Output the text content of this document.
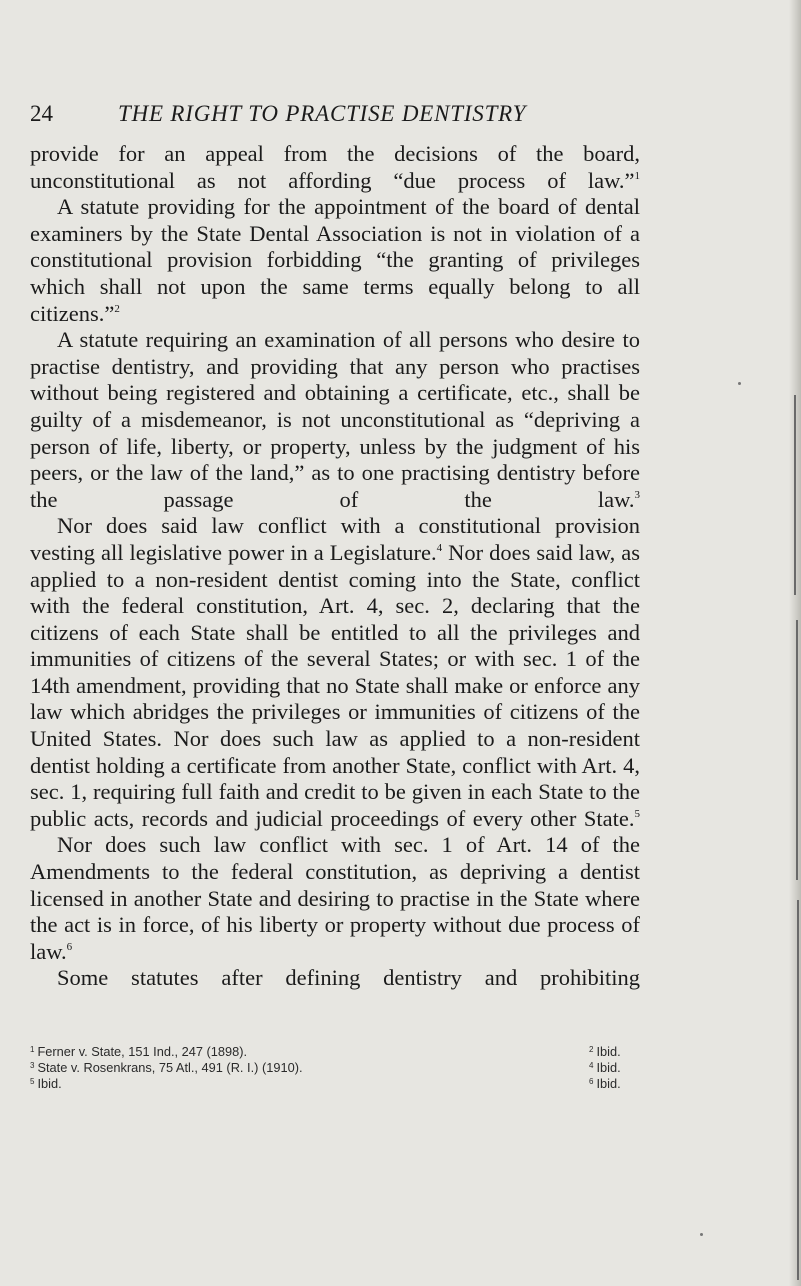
24	THE RIGHT TO PRACTISE DENTISTRY

provide for an appeal from the decisions of the board, unconstitutional as not affording “due process of law.”$^1$

A statute providing for the appointment of the board of dental examiners by the State Dental Association is not in violation of a constitutional provision forbidding “the granting of privileges which shall not upon the same terms equally belong to all citizens.”$^2$

A statute requiring an examination of all persons who desire to practise dentistry, and providing that any person who practises without being registered and obtaining a certificate, etc., shall be guilty of a misdemeanor, is not unconstitutional as “depriving a person of life, liberty, or property, unless by the judgment of his peers, or the law of the land,” as to one practising dentistry before the passage of the law.$^3$

Nor does said law conflict with a constitutional provision vesting all legislative power in a Legislature.$^4$ Nor does said law, as applied to a non-resident dentist coming into the State, conflict with the federal constitution, Art. 4, sec. 2, declaring that the citizens of each State shall be entitled to all the privileges and immunities of citizens of the several States; or with sec. 1 of the 14th amendment, providing that no State shall make or enforce any law which abridges the privileges or immunities of citizens of the United States. Nor does such law as applied to a non-resident dentist holding a certificate from another State, conflict with Art. 4, sec. 1, requiring full faith and credit to be given in each State to the public acts, records and judicial proceedings of every other State.$^5$

Nor does such law conflict with sec. 1 of Art. 14 of the Amendments to the federal constitution, as depriving a dentist licensed in another State and desiring to practise in the State where the act is in force, of his liberty or property without due process of law.$^6$

Some statutes after defining dentistry and prohibiting

$^1$ Ferner v. State, 151 Ind., 247 (1898).	$^2$ Ibid.
$^3$ State v. Rosenkrans, 75 Atl., 491 (R. I.) (1910).	$^4$ Ibid.
$^5$ Ibid.	$^6$ Ibid.
